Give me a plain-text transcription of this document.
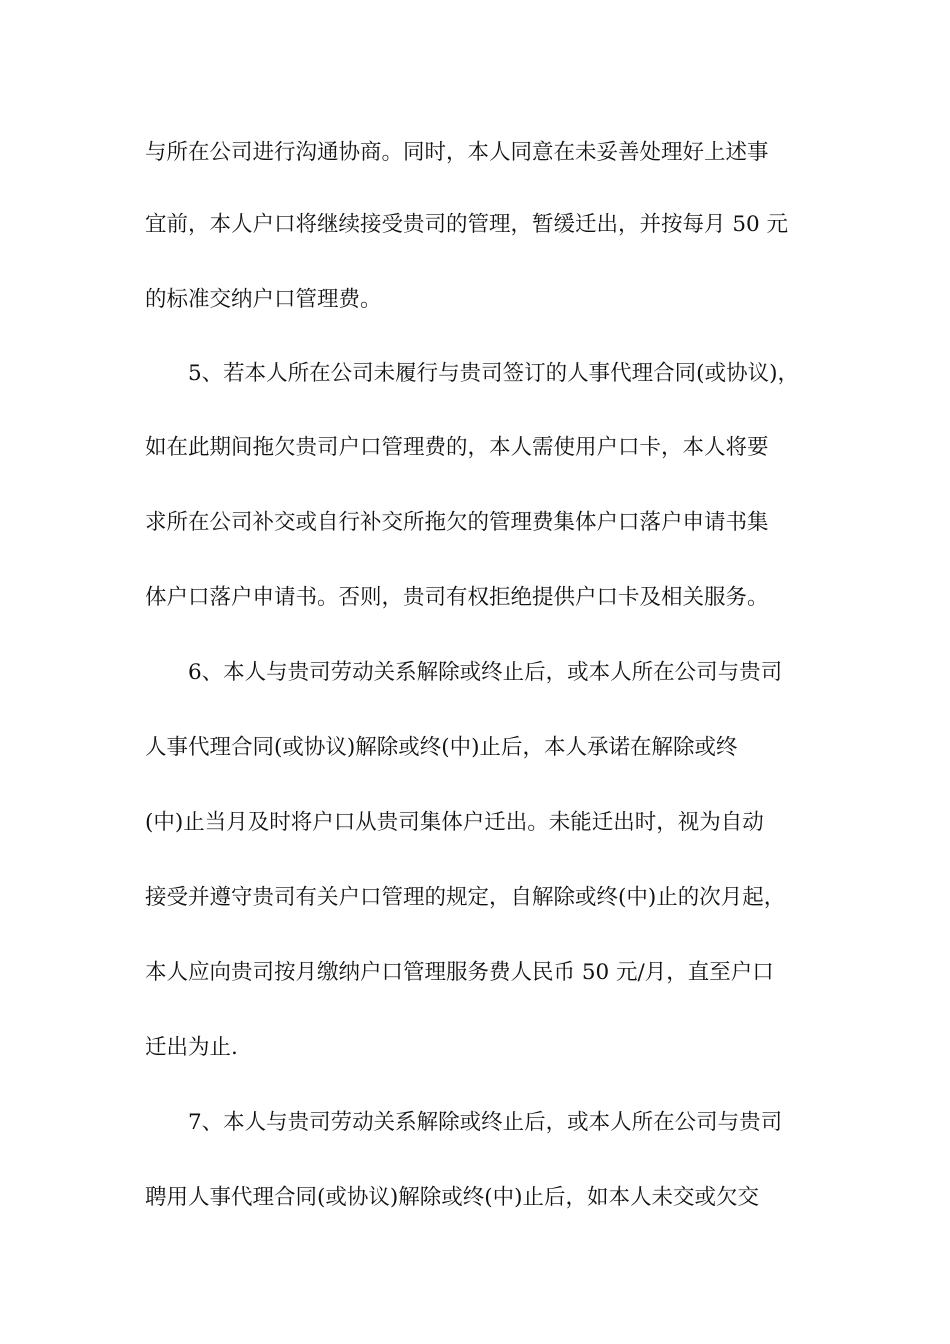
与所在公司进行沟通协商。同时，本人同意在未妥善处理好上述事
宜前，本人户口将继续接受贵司的管理，暂缓迁出，并按每月 50 元
的标准交纳户口管理费。
5、若本人所在公司未履行与贵司签订的人事代理合同(或协议)，
如在此期间拖欠贵司户口管理费的，本人需使用户口卡，本人将要
求所在公司补交或自行补交所拖欠的管理费集体户口落户申请书集
体户口落户申请书。否则，贵司有权拒绝提供户口卡及相关服务。
6、本人与贵司劳动关系解除或终止后，或本人所在公司与贵司
人事代理合同(或协议)解除或终(中)止后，本人承诺在解除或终
(中)止当月及时将户口从贵司集体户迁出。未能迁出时，视为自动
接受并遵守贵司有关户口管理的规定，自解除或终(中)止的次月起，
本人应向贵司按月缴纳户口管理服务费人民币 50 元/月，直至户口
迁出为止.
7、本人与贵司劳动关系解除或终止后，或本人所在公司与贵司
聘用人事代理合同(或协议)解除或终(中)止后，如本人未交或欠交
